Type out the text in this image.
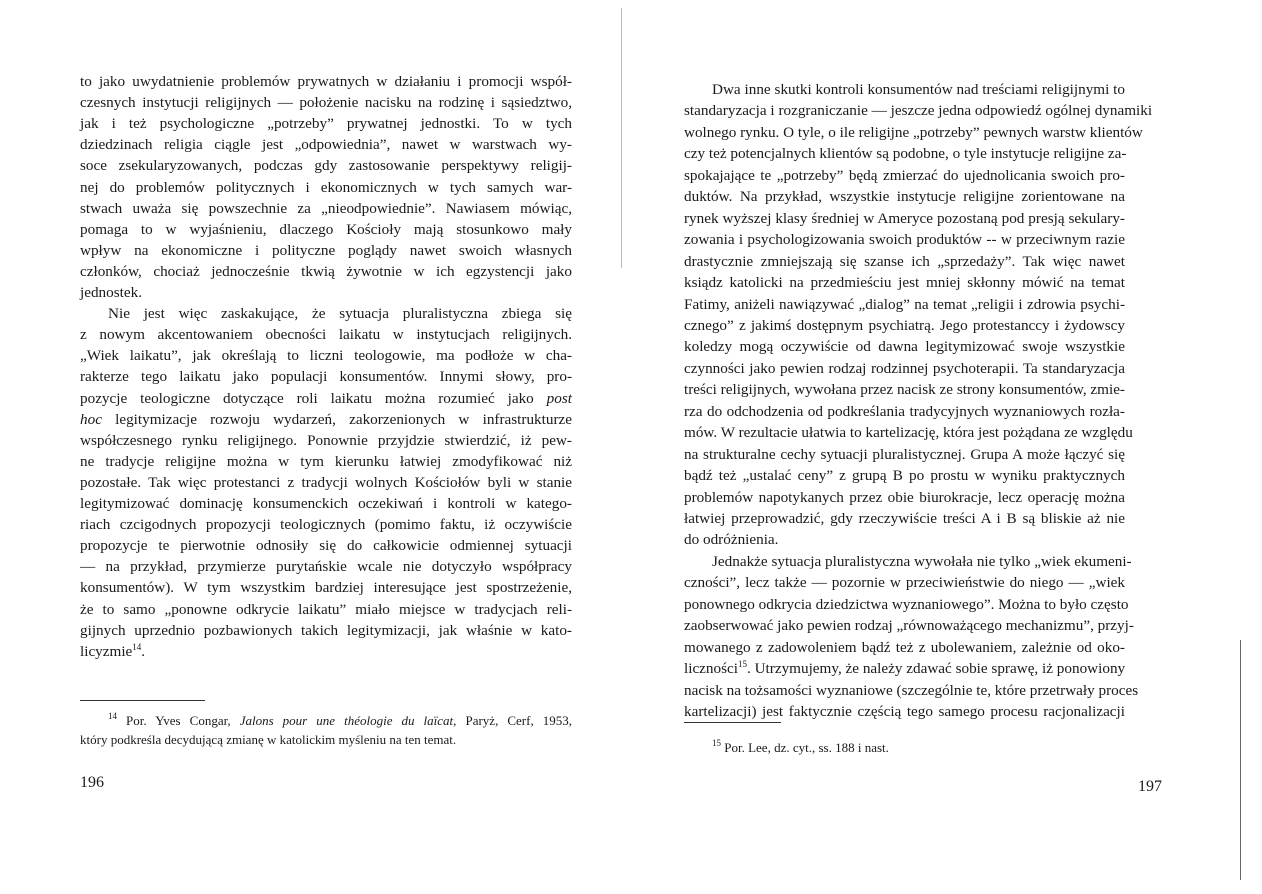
to jako uwydatnienie problemów prywatnych w działaniu i promocji współ-
czesnych instytucji religijnych — położenie nacisku na rodzinę i sąsiedztwo,
jak i też psychologiczne „potrzeby” prywatnej jednostki. To w tych
dziedzinach religia ciągle jest „odpowiednia”, nawet w warstwach wy-
soce zsekularyzowanych, podczas gdy zastosowanie perspektywy religij-
nej do problemów politycznych i ekonomicznych w tych samych war-
stwach uważa się powszechnie za „nieodpowiednie”. Nawiasem mówiąc,
pomaga to w wyjaśnieniu, dlaczego Kościoły mają stosunkowo mały
wpływ na ekonomiczne i polityczne poglądy nawet swoich własnych
członków, chociaż jednocześnie tkwią żywotnie w ich egzystencji jako
jednostek.
Nie jest więc zaskakujące, że sytuacja pluralistyczna zbiega się
z nowym akcentowaniem obecności laikatu w instytucjach religijnych.
„Wiek laikatu”, jak określają to liczni teologowie, ma podłoże w cha-
rakterze tego laikatu jako populacji konsumentów. Innymi słowy, pro-
pozycje teologiczne dotyczące roli laikatu można rozumieć jako post
hoc legitymizacje rozwoju wydarzeń, zakorzenionych w infrastrukturze
współczesnego rynku religijnego. Ponownie przyjdzie stwierdzić, iż pew-
ne tradycje religijne można w tym kierunku łatwiej zmodyfikować niż
pozostałe. Tak więc protestanci z tradycji wolnych Kościołów byli w stanie
legitymizować dominację konsumenckich oczekiwań i kontroli w katego-
riach czcigodnych propozycji teologicznych (pomimo faktu, iż oczywiście
propozycje te pierwotnie odnosiły się do całkowicie odmiennej sytuacji
— na przykład, przymierze purytańskie wcale nie dotyczyło współpracy
konsumentów). W tym wszystkim bardziej interesujące jest spostrzeżenie,
że to samo „ponowne odkrycie laikatu” miało miejsce w tradycjach reli-
gijnych uprzednio pozbawionych takich legitymizacji, jak właśnie w kato-
licyzmie$^{14}$.
$^{14}$ Por. Yves Congar, Jalons pour une théologie du laïcat, Paryż, Cerf, 1953,
który podkreśla decydującą zmianę w katolickim myśleniu na ten temat.
196
Dwa inne skutki kontroli konsumentów nad treściami religijnymi to
standaryzacja i rozgraniczanie — jeszcze jedna odpowiedź ogólnej dynamiki
wolnego rynku. O tyle, o ile religijne „potrzeby” pewnych warstw klientów
czy też potencjalnych klientów są podobne, o tyle instytucje religijne za-
spokajające te „potrzeby” będą zmierzać do ujednolicania swoich pro-
duktów. Na przykład, wszystkie instytucje religijne zorientowane na
rynek wyższej klasy średniej w Ameryce pozostaną pod presją sekulary-
zowania i psychologizowania swoich produktów -- w przeciwnym razie
drastycznie zmniejszają się szanse ich „sprzedaży”. Tak więc nawet
ksiądz katolicki na przedmieściu jest mniej skłonny mówić na temat
Fatimy, aniżeli nawiązywać „dialog” na temat „religii i zdrowia psychi-
cznego” z jakimś dostępnym psychiatrą. Jego protestanccy i żydowscy
koledzy mogą oczywiście od dawna legitymizować swoje wszystkie
czynności jako pewien rodzaj rodzinnej psychoterapii. Ta standaryzacja
treści religijnych, wywołana przez nacisk ze strony konsumentów, zmie-
rza do odchodzenia od podkreślania tradycyjnych wyznaniowych rozła-
mów. W rezultacie ułatwia to kartelizację, która jest pożądana ze względu
na strukturalne cechy sytuacji pluralistycznej. Grupa A może łączyć się
bądź też „ustalać ceny” z grupą B po prostu w wyniku praktycznych
problemów napotykanych przez obie biurokracje, lecz operację można
łatwiej przeprowadzić, gdy rzeczywiście treści A i B są bliskie aż nie
do odróżnienia.
Jednakże sytuacja pluralistyczna wywołała nie tylko „wiek ekumeni-
czności”, lecz także — pozornie w przeciwieństwie do niego — „wiek
ponownego odkrycia dziedzictwa wyznaniowego”. Można to było często
zaobserwować jako pewien rodzaj „równoważącego mechanizmu”, przyj-
mowanego z zadowoleniem bądź też z ubolewaniem, zależnie od oko-
liczności$^{15}$. Utrzymujemy, że należy zdawać sobie sprawę, iż ponowiony
nacisk na tożsamości wyznaniowe (szczególnie te, które przetrwały proces
kartelizacji) jest faktycznie częścią tego samego procesu racjonalizacji
$^{15}$ Por. Lee, dz. cyt., ss. 188 i nast.
197
